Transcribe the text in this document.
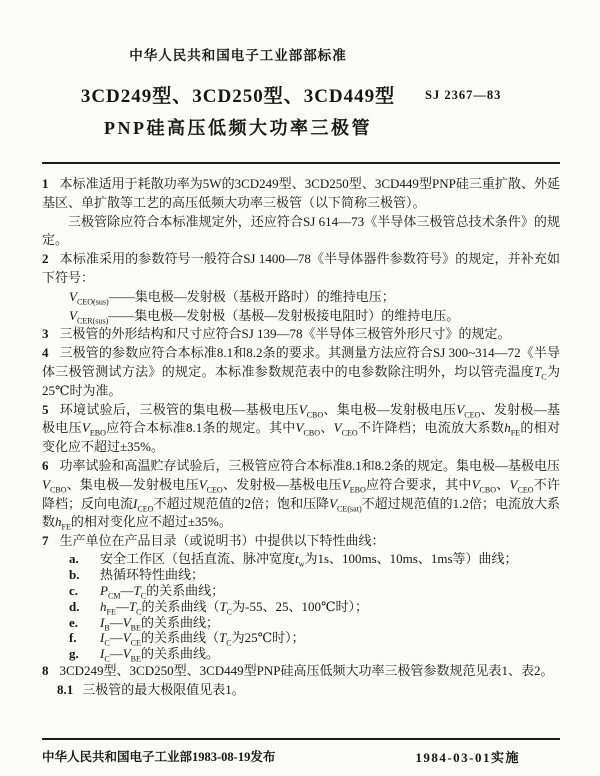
中华人民共和国电子工业部部标准
3CD249型、3CD250型、3CD449型
PNP硅高压低频大功率三极管
SJ 2367—83

1 本标准适用于耗散功率为5W的3CD249型、3CD250型、3CD449型PNP硅三重扩散、外延基区、单扩散等工艺的高压低频大功率三极管（以下简称三极管）。

三极管除应符合本标准规定外，还应符合SJ 614—73《半导体三极管总技术条件》的规定。

2 本标准采用的参数符号一般符合SJ 1400—78《半导体器件参数符号》的规定，并补充如下符号：

$V_{CEO(sus)}——$集电极—发射极（基极开路时）的维持电压；

$V_{CER(sus)}——$集电极—发射极（基极—发射极接电阻时）的维持电压。

3 三极管的外形结构和尺寸应符合SJ 139—78《半导体三极管外形尺寸》的规定。

4 三极管的参数应符合本标准8.1和8.2条的要求。其测量方法应符合SJ 300~314—72《半导体三极管测试方法》的规定。本标准参数规范表中的电参数除注明外，均以管壳温度$T_C$为25℃时为准。

5 环境试验后，三极管的集电极—基极电压$V_{CBO}$、集电极—发射极电压$V_{CEO}$、发射极—基极电压$V_{EBO}$应符合本标准8.1条的规定。其中$V_{CBO}$、$V_{CEO}$不许降档；电流放大系数$h_{FE}$的相对变化应不超过±35%。

6 功率试验和高温贮存试验后，三极管应符合本标准8.1和8.2条的规定。集电极—基极电压$V_{CBO}$、集电极—发射极电压$V_{CEO}$、发射极—基极电压$V_{EBO}$应符合要求，其中$V_{CBO}$、$V_{CEO}$不许降档；反向电流$I_{CEO}$不超过规范值的2倍；饱和压降$V_{CE(sat)}$不超过规范值的1.2倍；电流放大系数$h_{FE}$的相对变化应不超过±35%。

7 生产单位在产品目录（或说明书）中提供以下特性曲线：

a. 安全工作区（包括直流、脉冲宽度$t_w$为1s、100ms、10ms、1ms等）曲线；

b. 热循环特性曲线；

c. $P_{CM}—T_C$的关系曲线；

d. $h_{FE}—T_C$的关系曲线（$T_C$为-55、25、100℃时）；

e. $I_B—V_{BE}$的关系曲线；

f. $I_C—V_{CE}$的关系曲线（$T_C$为25℃时）；

g. $I_C—V_{BE}$的关系曲线。

8 3CD249型、3CD250型、3CD449型PNP硅高压低频大功率三极管参数规范见表1、表2。

8.1 三极管的最大极限值见表1。

中华人民共和国电子工业部1983-08-19发布	1984-03-01实施
